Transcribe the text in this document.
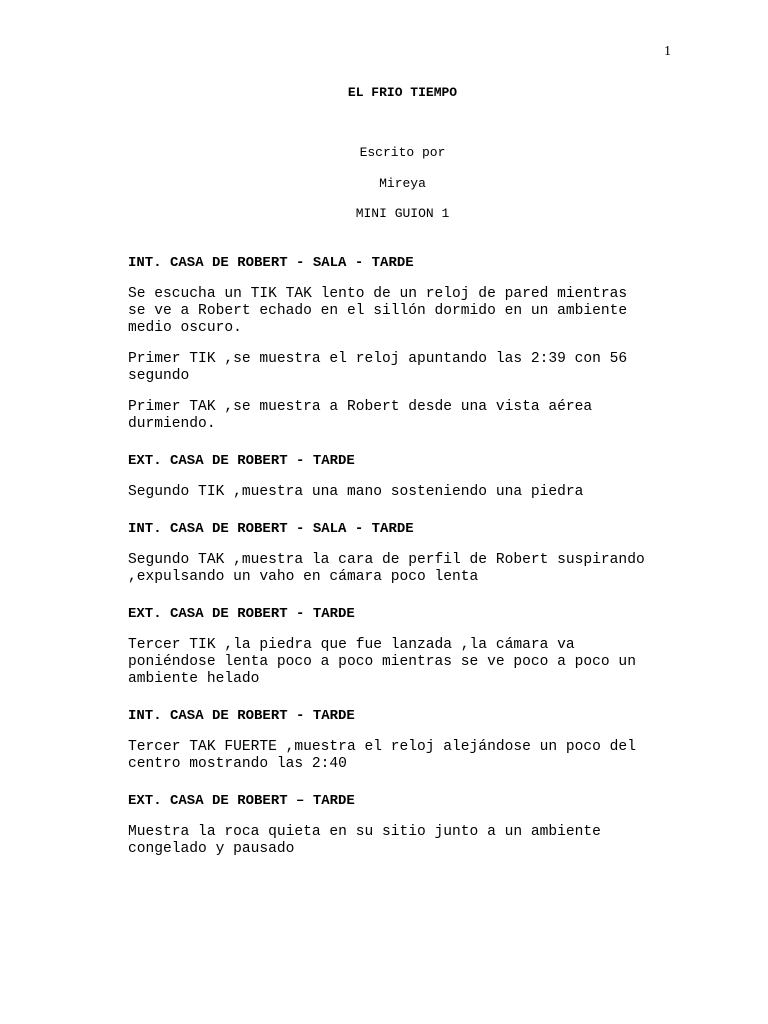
1
EL FRIO TIEMPO
Escrito por
Mireya
MINI GUION 1
INT. CASA DE ROBERT - SALA - TARDE
Se escucha un TIK TAK lento de un reloj de pared mientras
se ve a Robert echado en el sillón dormido en un ambiente
medio oscuro.
Primer TIK ,se muestra el reloj apuntando las 2:39 con 56
segundo
Primer TAK ,se muestra a Robert desde una vista aérea
durmiendo.
EXT. CASA DE ROBERT - TARDE
Segundo TIK ,muestra una mano sosteniendo una piedra
INT. CASA DE ROBERT - SALA - TARDE
Segundo TAK ,muestra la cara de perfil de Robert suspirando
,expulsando un vaho en cámara poco lenta
EXT. CASA DE ROBERT - TARDE
Tercer TIK ,la piedra que fue lanzada ,la cámara va
poniéndose lenta poco a poco mientras se ve poco a poco un
ambiente helado
INT. CASA DE ROBERT - TARDE
Tercer TAK FUERTE ,muestra el reloj alejándose un poco del
centro mostrando las 2:40
EXT. CASA DE ROBERT – TARDE
Muestra la roca quieta en su sitio junto a un ambiente
congelado y pausado
